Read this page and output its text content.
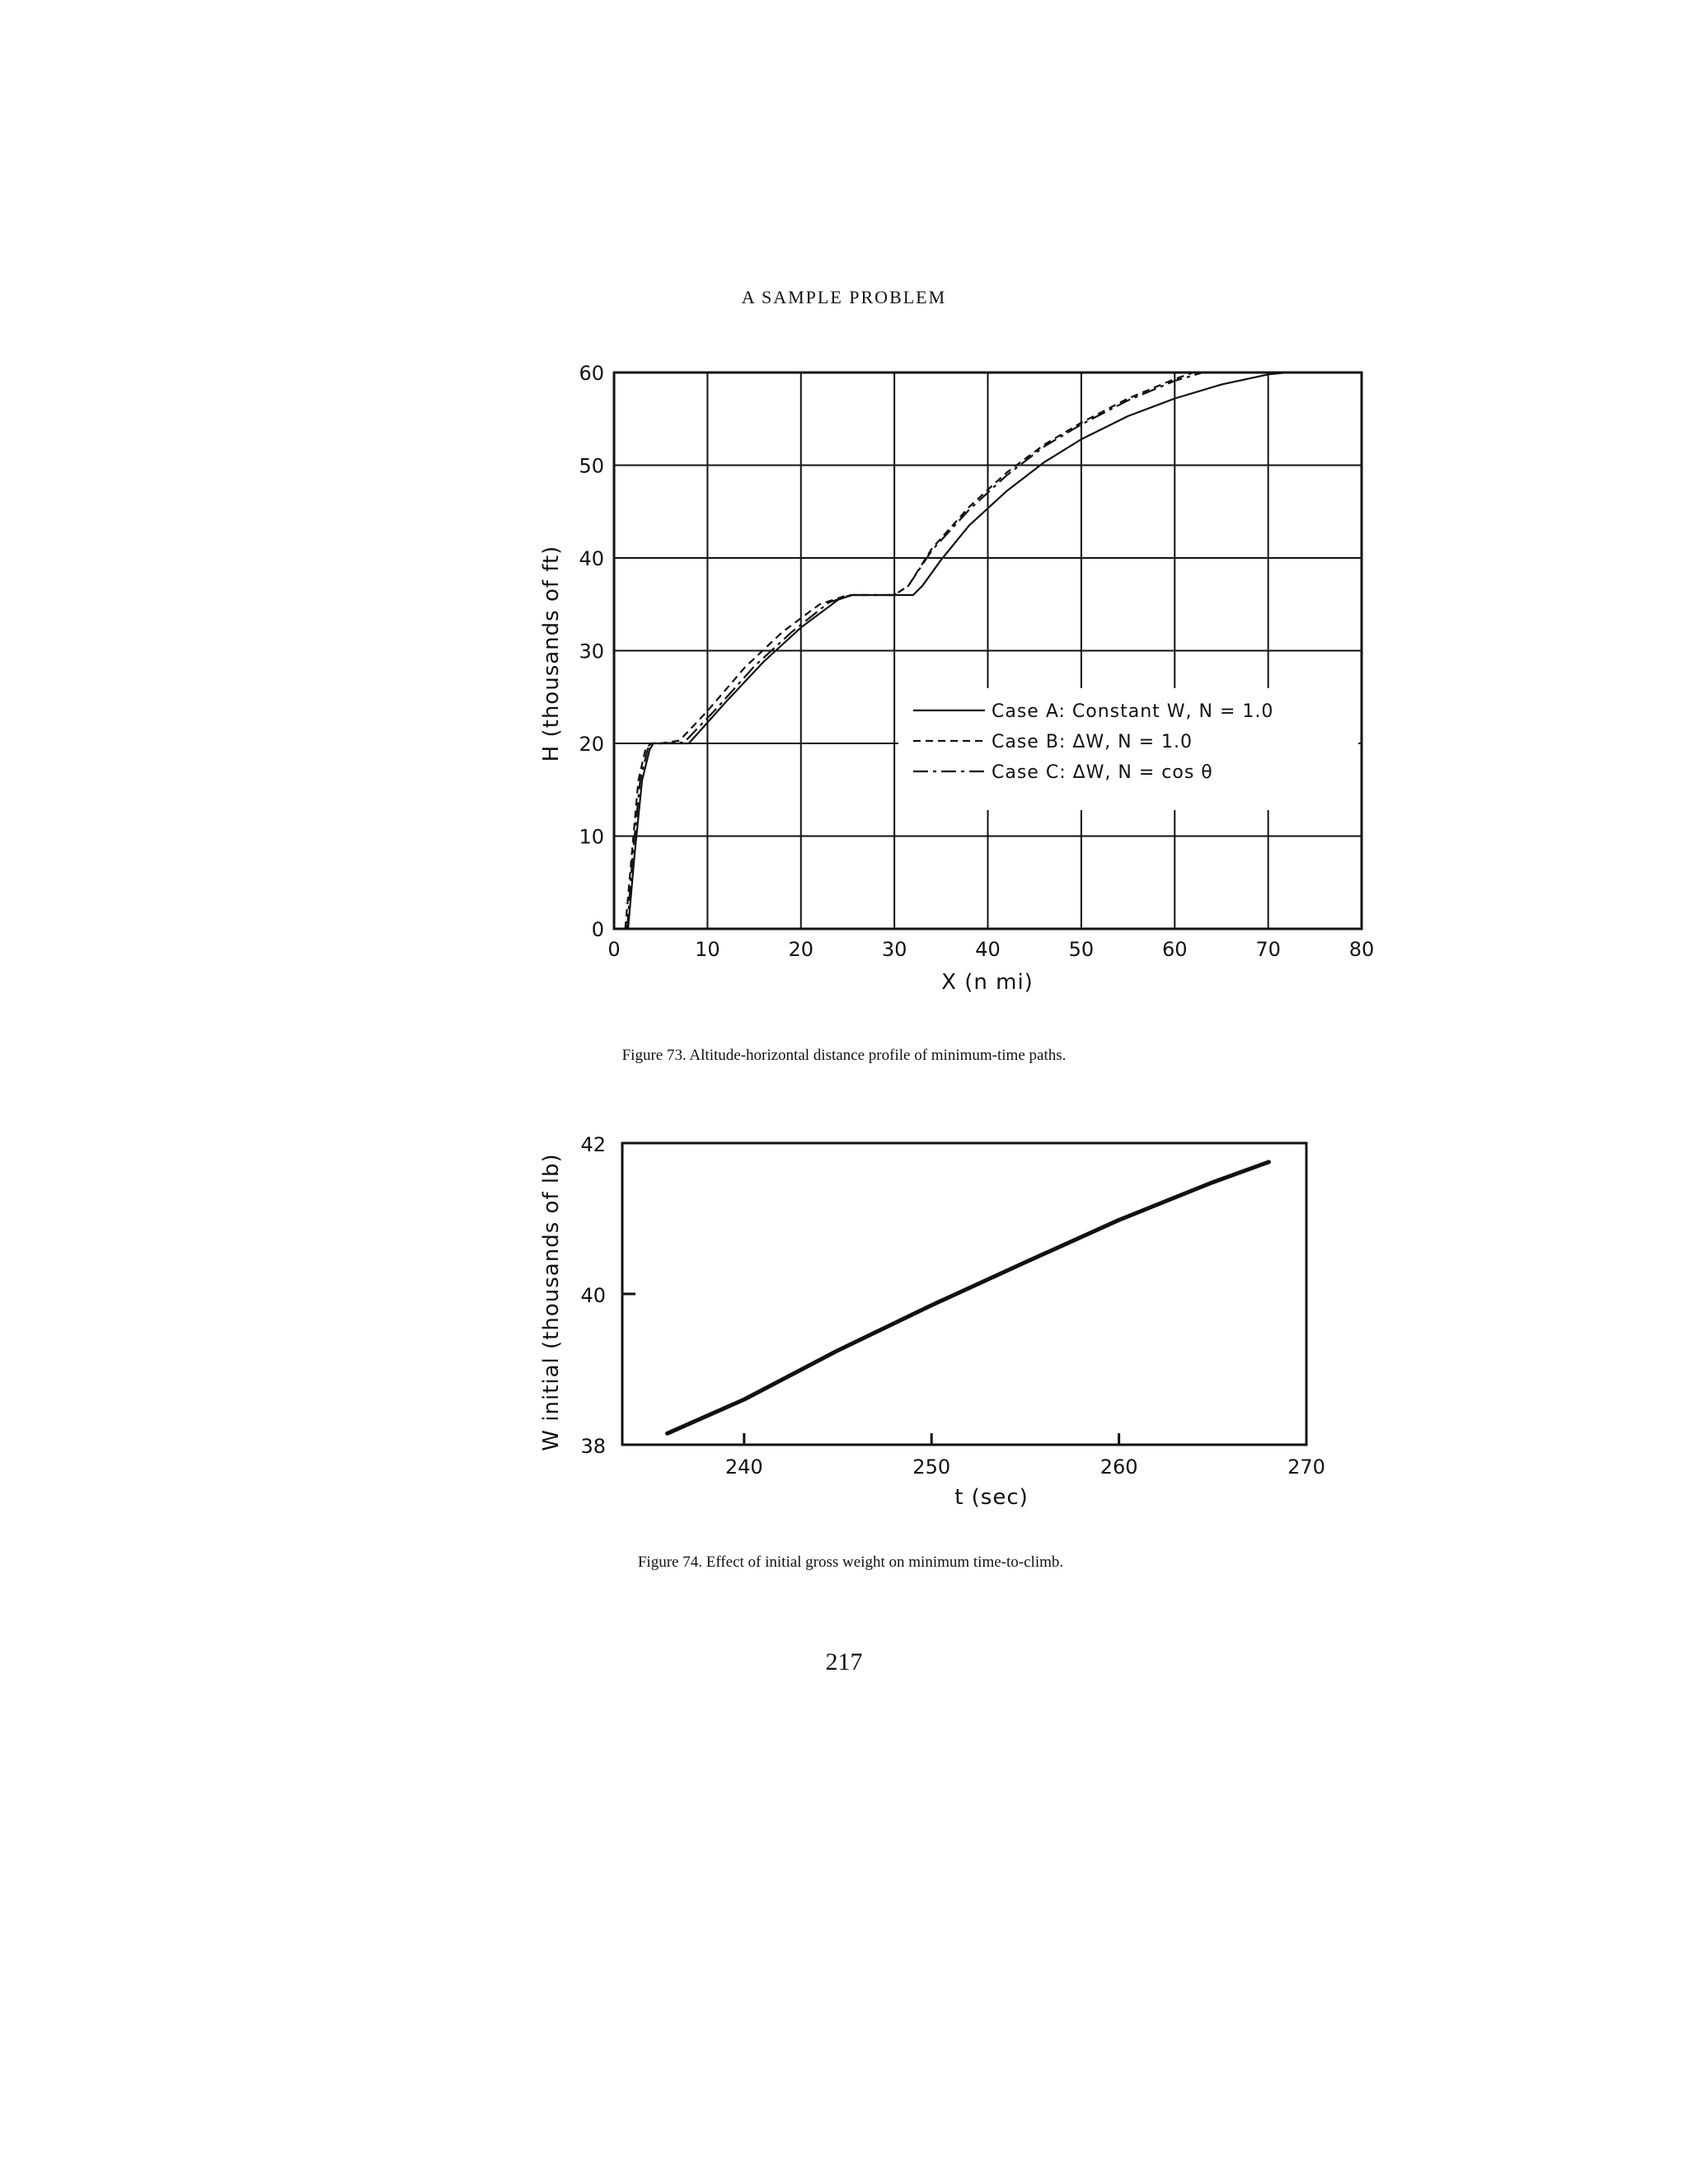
A SAMPLE PROBLEM
Case A: Constant W, N = 1.0
Case B: ΔW, N = 1.0
Case C: ΔW, N = cos θ
0	10	20	30	40	50	60	70	80
0
10
20
30
40
50
60
X (n mi)
H (thousands of ft)
Figure 73. Altitude-horizontal distance profile of minimum-time paths.
240	250	260	270
38
40
42
t (sec)
W initial (thousands of lb)
Figure 74. Effect of initial gross weight on minimum time-to-climb.
217
